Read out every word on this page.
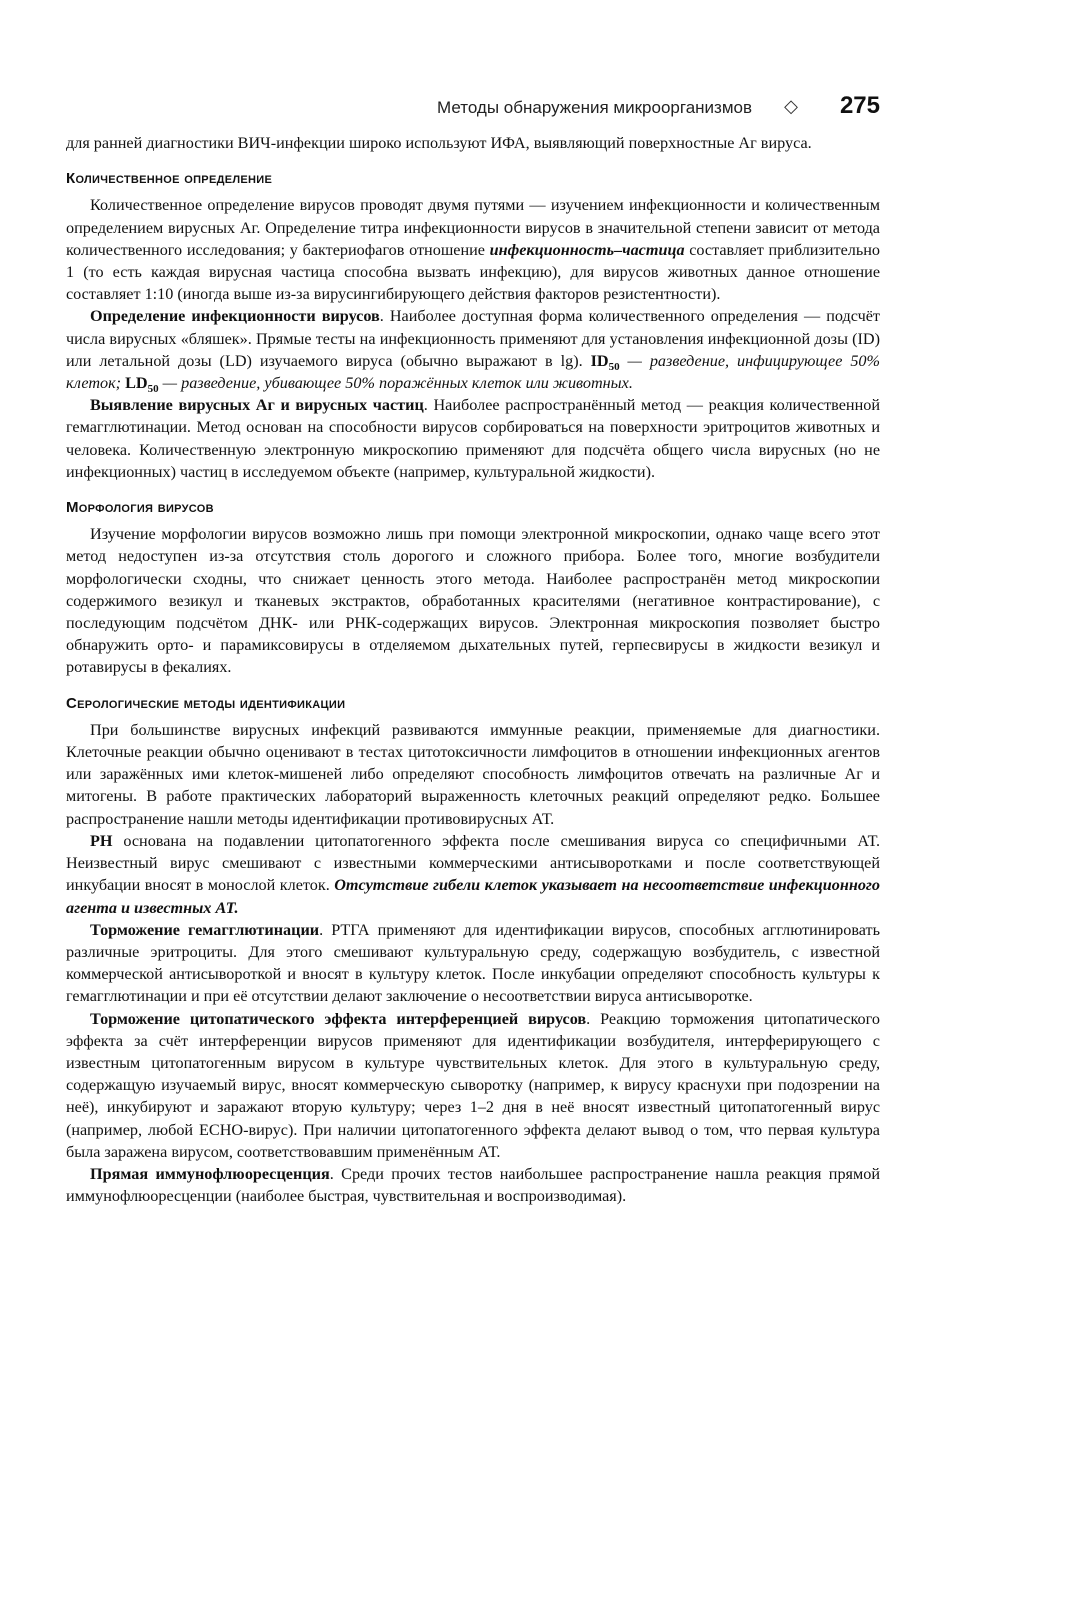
Методы обнаружения микроорганизмов ◇ 275

для ранней диагностики ВИЧ-инфекции широко используют ИФА, выявляющий поверхностные Аг вируса.

Количественное определение

Количественное определение вирусов проводят двумя путями — изучением инфекционности и количественным определением вирусных Аг. Определение титра инфекционности вирусов в значительной степени зависит от метода количественного исследования; у бактериофагов отношение инфекционность–частица составляет приблизительно 1 (то есть каждая вирусная частица способна вызвать инфекцию), для вирусов животных данное отношение составляет 1:10 (иногда выше из-за вирусингибирующего действия факторов резистентности).

Определение инфекционности вирусов. Наиболее доступная форма количественного определения — подсчёт числа вирусных «бляшек». Прямые тесты на инфекционность применяют для установления инфекционной дозы (ID) или летальной дозы (LD) изучаемого вируса (обычно выражают в lg). $ID_{50}$ — разведение, инфицирующее 50% клеток; $LD_{50}$ — разведение, убивающее 50% поражённых клеток или животных.

Выявление вирусных Аг и вирусных частиц. Наиболее распространённый метод — реакция количественной гемагглютинации. Метод основан на способности вирусов сорбироваться на поверхности эритроцитов животных и человека. Количественную электронную микроскопию применяют для подсчёта общего числа вирусных (но не инфекционных) частиц в исследуемом объекте (например, культуральной жидкости).

Морфология вирусов

Изучение морфологии вирусов возможно лишь при помощи электронной микроскопии, однако чаще всего этот метод недоступен из-за отсутствия столь дорогого и сложного прибора. Более того, многие возбудители морфологически сходны, что снижает ценность этого метода. Наиболее распространён метод микроскопии содержимого везикул и тканевых экстрактов, обработанных красителями (негативное контрастирование), с последующим подсчётом ДНК- или РНК-содержащих вирусов. Электронная микроскопия позволяет быстро обнаружить орто- и парамиксовирусы в отделяемом дыхательных путей, герпесвирусы в жидкости везикул и ротавирусы в фекалиях.

Серологические методы идентификации

При большинстве вирусных инфекций развиваются иммунные реакции, применяемые для диагностики. Клеточные реакции обычно оценивают в тестах цитотоксичности лимфоцитов в отношении инфекционных агентов или заражённых ими клеток-мишеней либо определяют способность лимфоцитов отвечать на различные Аг и митогены. В работе практических лабораторий выраженность клеточных реакций определяют редко. Большее распространение нашли методы идентификации противовирусных АТ.

РН основана на подавлении цитопатогенного эффекта после смешивания вируса со специфичными АТ. Неизвестный вирус смешивают с известными коммерческими антисыворотками и после соответствующей инкубации вносят в монослой клеток. Отсутствие гибели клеток указывает на несоответствие инфекционного агента и известных АТ.

Торможение гемагглютинации. РТГА применяют для идентификации вирусов, способных агглютинировать различные эритроциты. Для этого смешивают культуральную среду, содержащую возбудитель, с известной коммерческой антисывороткой и вносят в культуру клеток. После инкубации определяют способность культуры к гемагглютинации и при её отсутствии делают заключение о несоответствии вируса антисыворотке.

Торможение цитопатического эффекта интерференцией вирусов. Реакцию торможения цитопатического эффекта за счёт интерференции вирусов применяют для идентификации возбудителя, интерферирующего с известным цитопатогенным вирусом в культуре чувствительных клеток. Для этого в культуральную среду, содержащую изучаемый вирус, вносят коммерческую сыворотку (например, к вирусу краснухи при подозрении на неё), инкубируют и заражают вторую культуру; через 1–2 дня в неё вносят известный цитопатогенный вирус (например, любой ЕСНО-вирус). При наличии цитопатогенного эффекта делают вывод о том, что первая культура была заражена вирусом, соответствовавшим применённым АТ.

Прямая иммунофлюоресценция. Среди прочих тестов наибольшее распространение нашла реакция прямой иммунофлюоресценции (наиболее быстрая, чувствительная и воспроизводимая).
